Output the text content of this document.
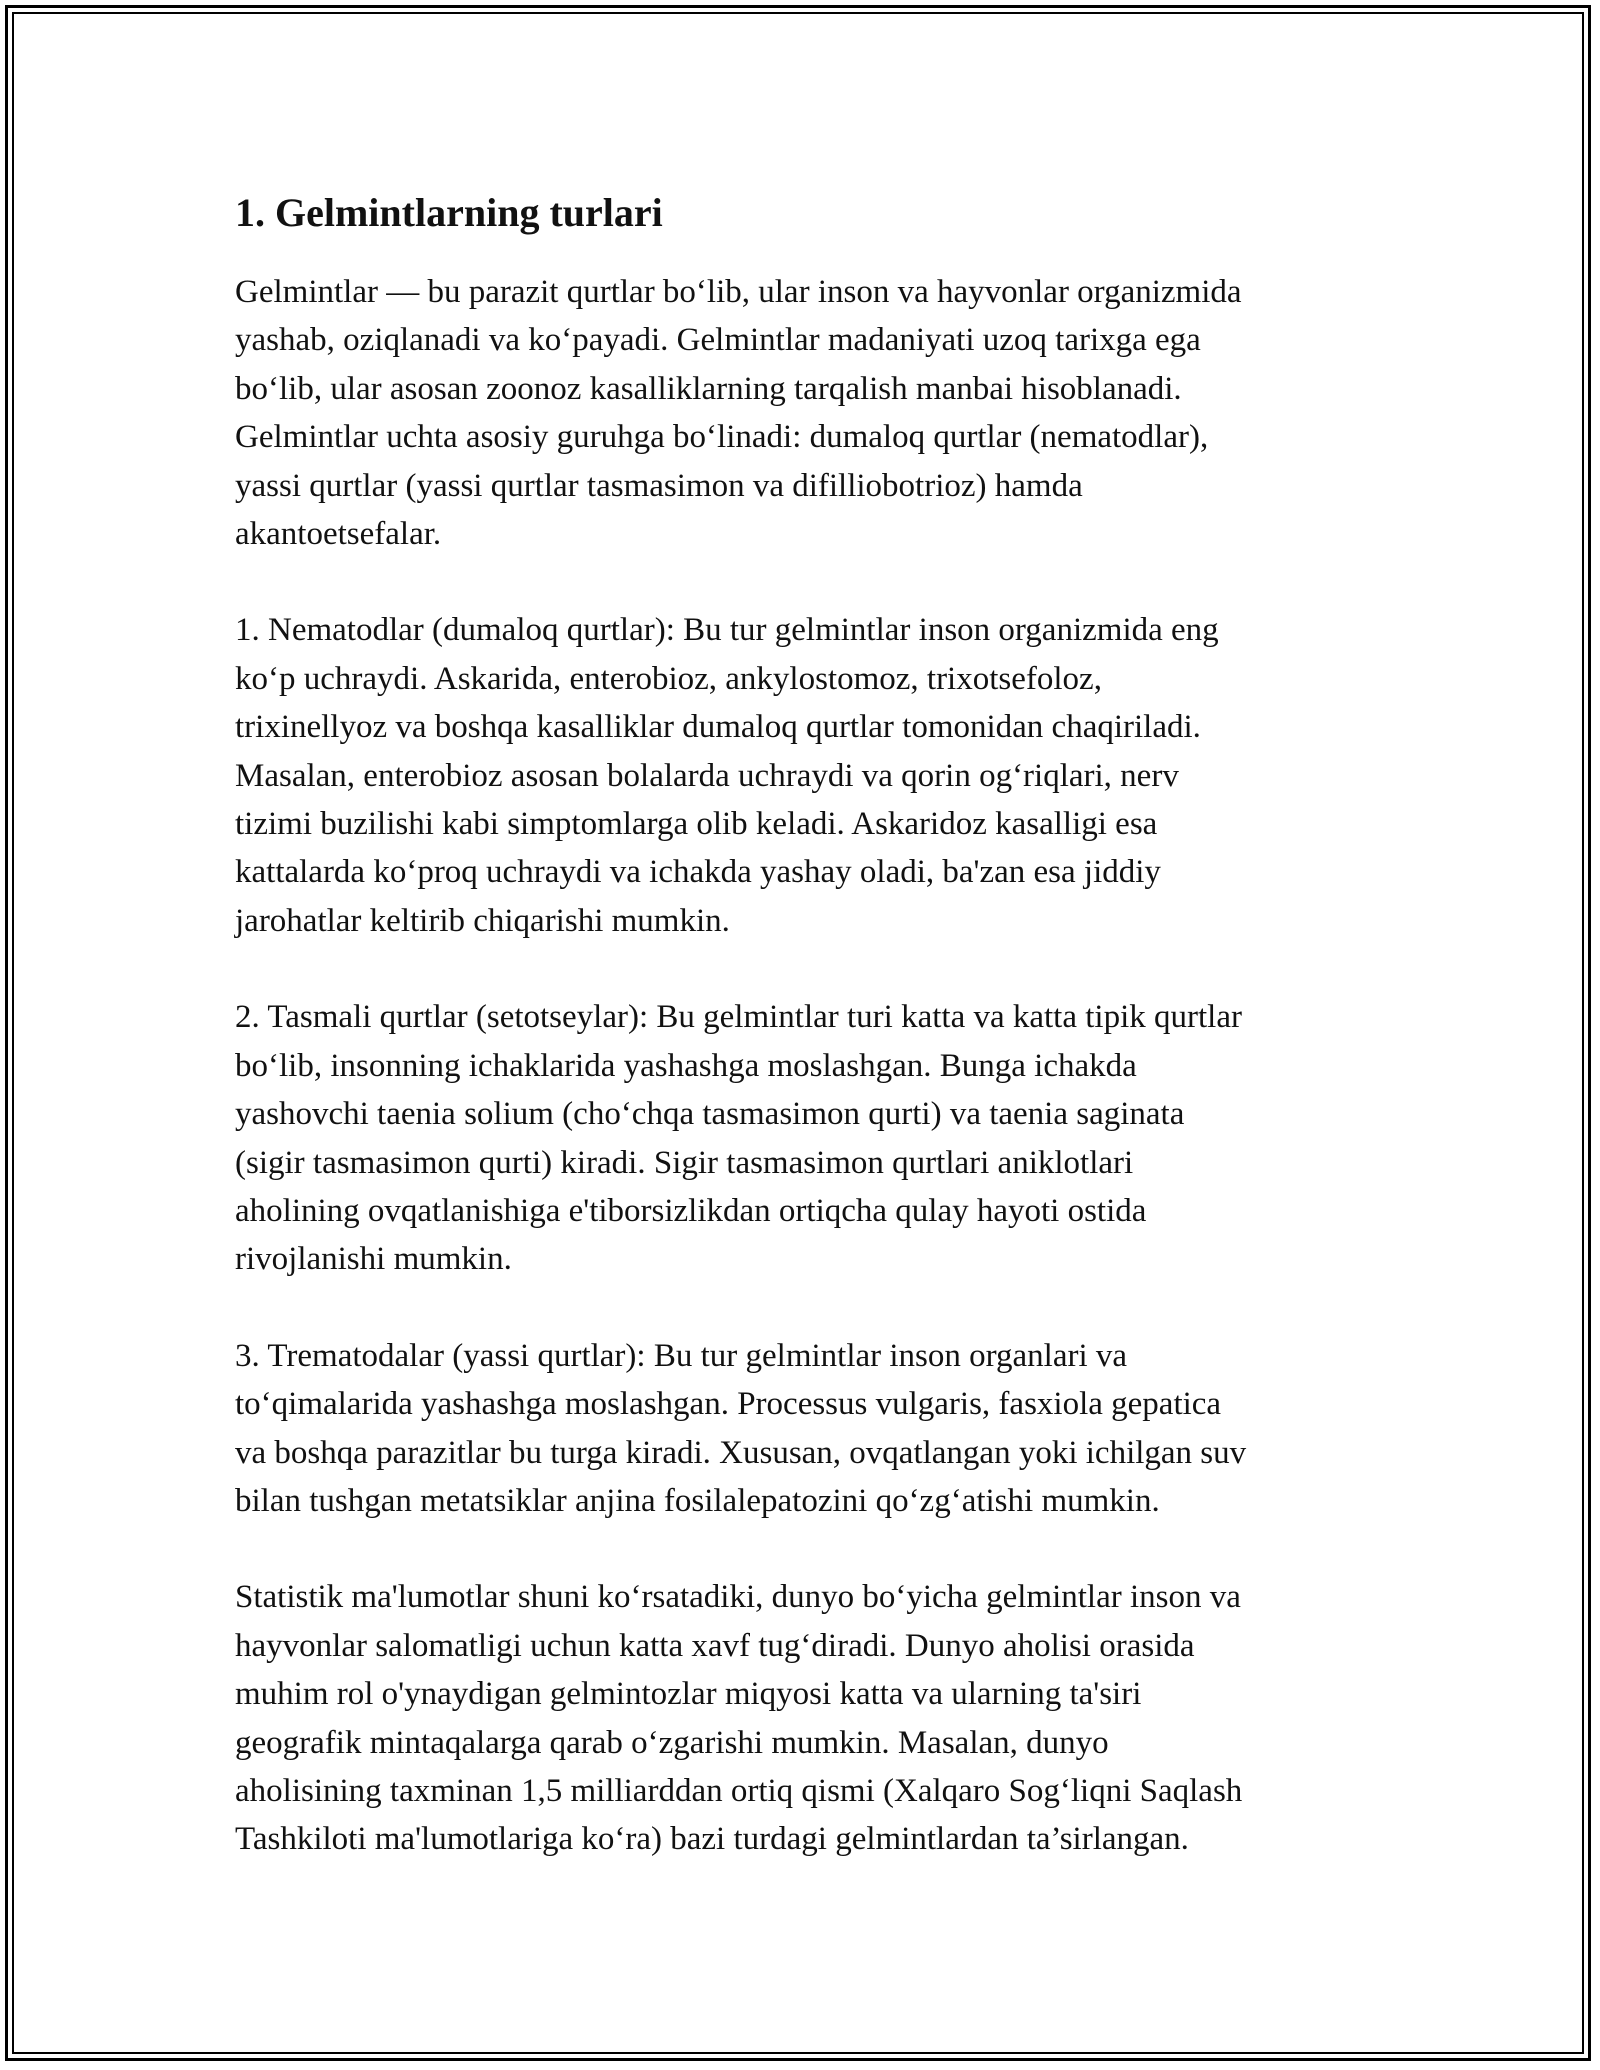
1. Gelmintlarning turlari
Gelmintlar — bu parazit qurtlar boʻlib, ular inson va hayvonlar organizmida
yashab, oziqlanadi va koʻpayadi. Gelmintlar madaniyati uzoq tarixga ega
boʻlib, ular asosan zoonoz kasalliklarning tarqalish manbai hisoblanadi.
Gelmintlar uchta asosiy guruhga boʻlinadi: dumaloq qurtlar (nematodlar),
yassi qurtlar (yassi qurtlar tasmasimon va difilliobotrioz) hamda
akantoetsefalar.
1. Nematodlar (dumaloq qurtlar): Bu tur gelmintlar inson organizmida eng
koʻp uchraydi. Askarida, enterobioz, ankylostomoz, trixotsefoloz,
trixinellyoz va boshqa kasalliklar dumaloq qurtlar tomonidan chaqiriladi.
Masalan, enterobioz asosan bolalarda uchraydi va qorin ogʻriqlari, nerv
tizimi buzilishi kabi simptomlarga olib keladi. Askaridoz kasalligi esa
kattalarda koʻproq uchraydi va ichakda yashay oladi, ba'zan esa jiddiy
jarohatlar keltirib chiqarishi mumkin.
2. Tasmali qurtlar (setotseylar): Bu gelmintlar turi katta va katta tipik qurtlar
boʻlib, insonning ichaklarida yashashga moslashgan. Bunga ichakda
yashovchi taenia solium (choʻchqa tasmasimon qurti) va taenia saginata
(sigir tasmasimon qurti) kiradi. Sigir tasmasimon qurtlari aniklotlari
aholining ovqatlanishiga e'tiborsizlikdan ortiqcha qulay hayoti ostida
rivojlanishi mumkin.
3. Trematodalar (yassi qurtlar): Bu tur gelmintlar inson organlari va
toʻqimalarida yashashga moslashgan. Processus vulgaris, fasxiola gepatica
va boshqa parazitlar bu turga kiradi. Xususan, ovqatlangan yoki ichilgan suv
bilan tushgan metatsiklar anjina fosilalepatozini qoʻzgʻatishi mumkin.
Statistik ma'lumotlar shuni koʻrsatadiki, dunyo boʻyicha gelmintlar inson va
hayvonlar salomatligi uchun katta xavf tugʻdiradi. Dunyo aholisi orasida
muhim rol o'ynaydigan gelmintozlar miqyosi katta va ularning ta'siri
geografik mintaqalarga qarab oʻzgarishi mumkin. Masalan, dunyo
aholisining taxminan 1,5 milliarddan ortiq qismi (Xalqaro Sogʻliqni Saqlash
Tashkiloti ma'lumotlariga koʻra) bazi turdagi gelmintlardan ta’sirlangan.
